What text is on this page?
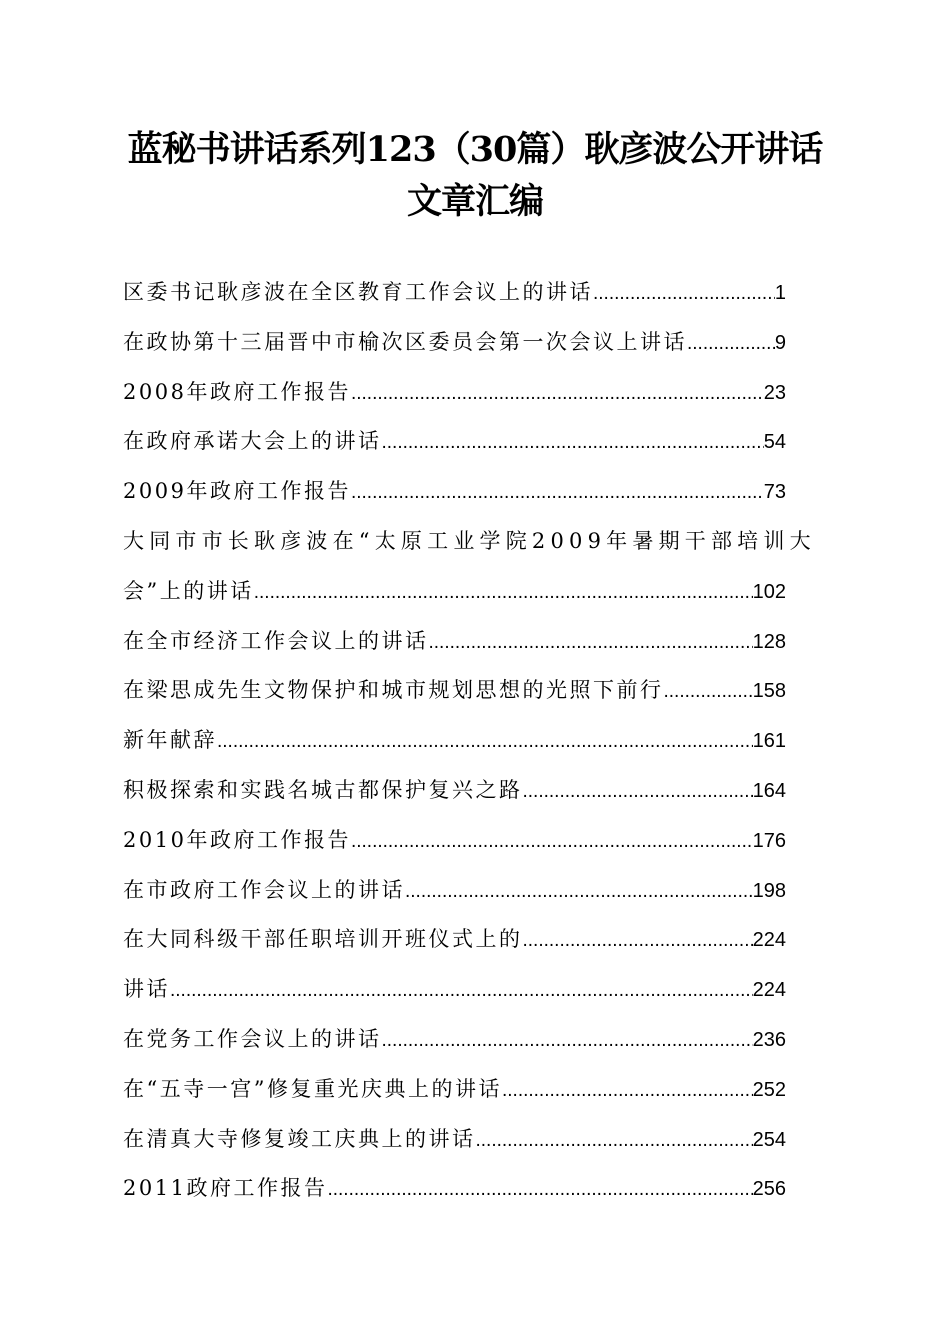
蓝秘书讲话系列123（30篇）耿彦波公开讲话
文章汇编
区委书记耿彦波在全区教育工作会议上的讲话 .....	1
在政协第十三届晋中市榆次区委员会第一次会议上讲话 .....	9
2008年政府工作报告 .....	23
在政府承诺大会上的讲话 .....	54
2009年政府工作报告 .....	73
大同市市长耿彦波在“太原工业学院2009年暑期干部培训大
会”上的讲话 .....	102
在全市经济工作会议上的讲话 .....	128
在梁思成先生文物保护和城市规划思想的光照下前行 .....	158
新年献辞 .....	161
积极探索和实践名城古都保护复兴之路 .....	164
2010年政府工作报告 .....	176
在市政府工作会议上的讲话 .....	198
在大同科级干部任职培训开班仪式上的 .....	224
讲话 .....	224
在党务工作会议上的讲话 .....	236
在“五寺一宫”修复重光庆典上的讲话 .....	252
在清真大寺修复竣工庆典上的讲话 .....	254
2011政府工作报告 .....	256
